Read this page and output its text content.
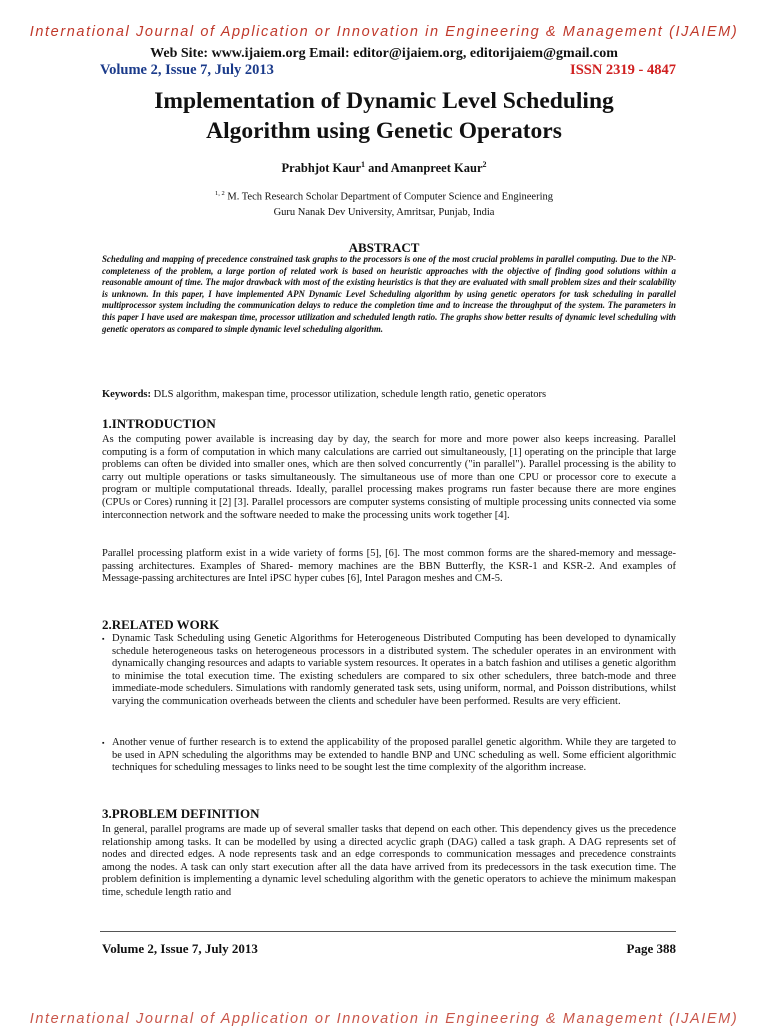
International Journal of Application or Innovation in Engineering & Management (IJAIEM)
Web Site: www.ijaiem.org Email: editor@ijaiem.org, editorijaiem@gmail.com
Volume 2, Issue 7, July 2013	ISSN 2319 - 4847
Implementation of Dynamic Level Scheduling
Algorithm using Genetic Operators
Prabhjot Kaur$^1$ and Amanpreet Kaur$^2$
$^{1, 2}$ M. Tech Research Scholar Department of Computer Science and Engineering
Guru Nanak Dev University, Amritsar, Punjab, India
ABSTRACT
Scheduling and mapping of precedence constrained task graphs to the processors is one of the most crucial problems in parallel computing. Due to the NP- completeness of the problem, a large portion of related work is based on heuristic approaches with the objective of finding good solutions within a reasonable amount of time. The major drawback with most of the existing heuristics is that they are evaluated with small problem sizes and their scalability is unknown. In this paper, I have implemented APN Dynamic Level Scheduling algorithm by using genetic operators for task scheduling in parallel multiprocessor system including the communication delays to reduce the completion time and to increase the throughput of the system. The parameters in this paper I have used are makespan time, processor utilization and scheduled length ratio. The graphs show better results of dynamic level scheduling with genetic operators as compared to simple dynamic level scheduling algorithm.
Keywords: DLS algorithm, makespan time, processor utilization, schedule length ratio, genetic operators
1.INTRODUCTION
As the computing power available is increasing day by day, the search for more and more power also keeps increasing. Parallel computing is a form of computation in which many calculations are carried out simultaneously, [1] operating on the principle that large problems can often be divided into smaller ones, which are then solved concurrently ("in parallel"). Parallel processing is the ability to carry out multiple operations or tasks simultaneously. The simultaneous use of more than one CPU or processor core to execute a program or multiple computational threads. Ideally, parallel processing makes programs run faster because there are more engines (CPUs or Cores) running it [2] [3]. Parallel processors are computer systems consisting of multiple processing units connected via some interconnection network and the software needed to make the processing units work together [4].
Parallel processing platform exist in a wide variety of forms [5], [6]. The most common forms are the shared-memory and message-passing architectures. Examples of Shared- memory machines are the BBN Butterfly, the KSR-1 and KSR-2. And examples of Message-passing architectures are Intel iPSC hyper cubes [6], Intel Paragon meshes and CM-5.
2.RELATED WORK
▪ Dynamic Task Scheduling using Genetic Algorithms for Heterogeneous Distributed Computing has been developed to dynamically schedule heterogeneous tasks on heterogeneous processors in a distributed system. The scheduler operates in an environment with dynamically changing resources and adapts to variable system resources. It operates in a batch fashion and utilises a genetic algorithm to minimise the total execution time. The existing schedulers are compared to six other schedulers, three batch-mode and three immediate-mode schedulers. Simulations with randomly generated task sets, using uniform, normal, and Poisson distributions, whilst varying the communication overheads between the clients and scheduler have been performed. Results are very efficient.
▪ Another venue of further research is to extend the applicability of the proposed parallel genetic algorithm. While they are targeted to be used in APN scheduling the algorithms may be extended to handle BNP and UNC scheduling as well. Some efficient algorithmic techniques for scheduling messages to links need to be sought lest the time complexity of the algorithm increase.
3.PROBLEM DEFINITION
In general, parallel programs are made up of several smaller tasks that depend on each other. This dependency gives us the precedence relationship among tasks. It can be modelled by using a directed acyclic graph (DAG) called a task graph. A DAG represents set of nodes and directed edges. A node represents task and an edge corresponds to communication messages and precedence constraints among the nodes. A task can only start execution after all the data have arrived from its predecessors in the task execution time. The problem definition is implementing a dynamic level scheduling algorithm with the genetic operators to achieve the minimum makespan time, schedule length ratio and
Volume 2, Issue 7, July 2013	Page 388
International Journal of Application or Innovation in Engineering & Management (IJAIEM)
